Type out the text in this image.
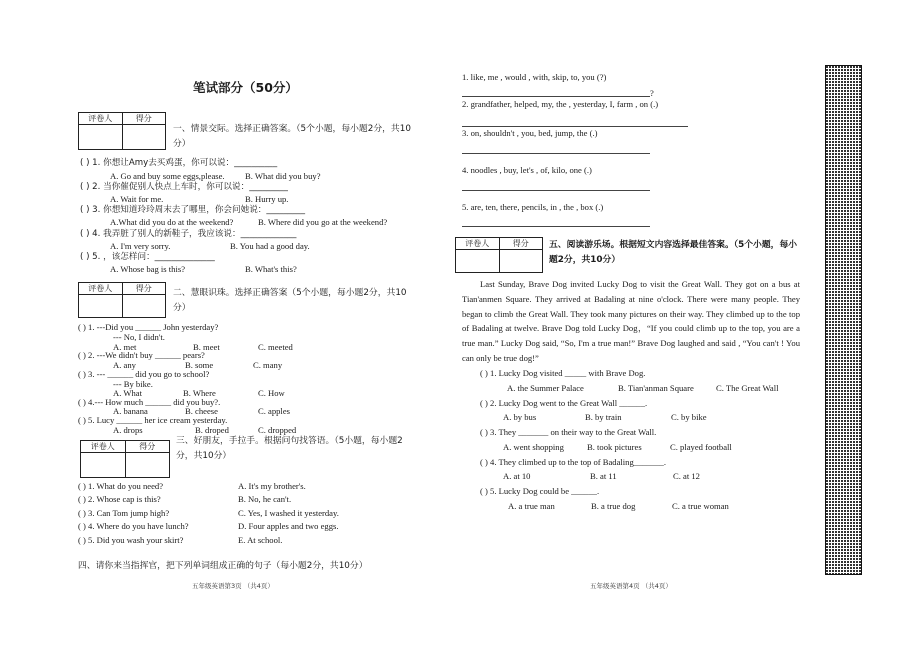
笔试部分（50分）
评卷人	得分
一、情景交际。选择正确答案。（5个小题，每小题2分，共10分）
( ) 1. 你想让Amy去买鸡蛋，你可以说：__________
A. Go and buy some eggs,please. B. What did you buy?
( ) 2. 当你催促别人快点上车时，你可以说：_________
A. Wait for me.	B. Hurry up.
( ) 3. 你想知道玲玲周末去了哪里，你会问她说：_________
A.What did you do at the weekend?	B. Where did you go at the weekend?
( ) 4. 我弄脏了别人的新鞋子，我应该说：_____________
A. I'm very sorry.	B. You had a good day.
( ) 5. ，该怎样问：______________
A. Whose bag is this?	B. What's this?
评卷人	得分	二、慧眼识珠。选择正确答案（5个小题，每小题2分，共10分）
( ) 1. ---Did you ______ John yesterday?
--- No, I didn't.
A. met	B. meet	C. meeted
( ) 2. ---We didn't buy ______ pears?
A. any	B. some	C. many
( ) 3. --- ______ did you go to school?
--- By bike.
A. What	B. Where	C. How
( ) 4.--- How much ______ did you buy?.
A. banana	B. cheese	C. apples
( ) 5. Lucy ______ her ice cream yesterday.
A. drops	B. droped	C. dropped
评卷人	得分
三、好朋友，手拉手。根据问句找答语。（5小题，每小题2分，共10分）
( ) 1. What do you need?	A. It's my brother's.
( ) 2. Whose cap is this?	B. No, he can't.
( ) 3. Can Tom jump high?	C. Yes, I washed it yesterday.
( ) 4. Where do you have lunch?	D. Four apples and two eggs.
( ) 5. Did you wash your skirt?	E. At school.
四、请你来当指挥官，把下列单词组成正确的句子（每小题2分，共10分）
五年级英语第3页 （共4页）
1. like, me , would , with, skip, to, you (?)
?
2. grandfather, helped, my, the , yesterday, I, farm , on (.)
3. on, shouldn't , you, bed, jump, the (.)
4. noodles , buy, let's , of, kilo, one (.)
5. are, ten, there, pencils, in , the , box (.)
评卷人	得分	五、阅读游乐场。根据短文内容选择最佳答案。（5个小题，每小题2分，共10分）
Last Sunday, Brave Dog invited Lucky Dog to visit the Great Wall. They got on a bus at Tian'anmen Square. They arrived at Badaling at nine o'clock. There were many people. They began to climb the Great Wall. They took many pictures on their way. They climbed up to the top of Badaling at twelve. Brave Dog told Lucky Dog，“If you could climb up to the top, you are a true man.” Lucky Dog said, “So, I'm a true man!” Brave Dog laughed and said , “You can't ! You can only be true dog!”
( ) 1. Lucky Dog visited _____ with Brave Dog.
A. the Summer Palace	B. Tian'anman Square	C. The Great Wall
( ) 2. Lucky Dog went to the Great Wall ______.
A. by bus	B. by train	C. by bike
( ) 3. They _______ on their way to the Great Wall.
A. went shopping	B. took pictures	C. played football
( ) 4. They climbed up to the top of Badaling_______.
A. at 10	B. at 11	C. at 12
( ) 5. Lucky Dog could be ______.
A. a true man	B. a true dog	C. a true woman
五年级英语第4页 （共4页）
